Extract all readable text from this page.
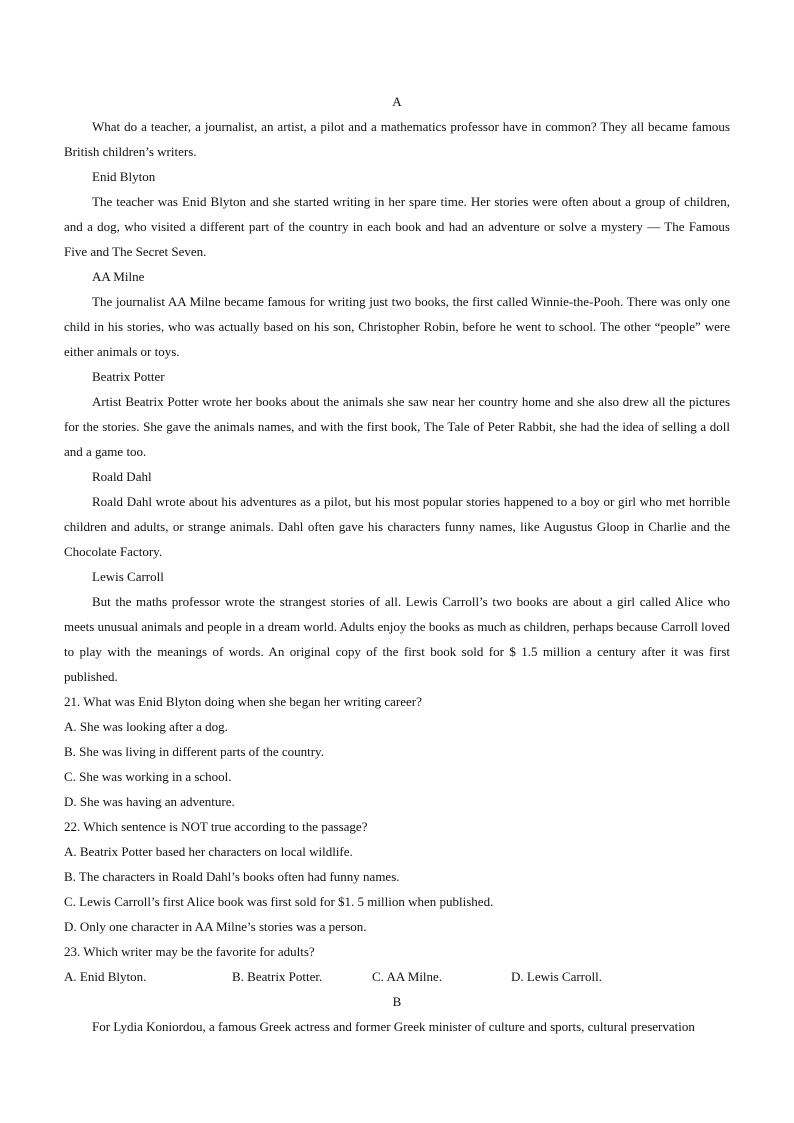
A

What do a teacher, a journalist, an artist, a pilot and a mathematics professor have in common? They all became famous British children’s writers.

Enid Blyton

The teacher was Enid Blyton and she started writing in her spare time. Her stories were often about a group of children, and a dog, who visited a different part of the country in each book and had an adventure or solve a mystery — The Famous Five and The Secret Seven.

AA Milne

The journalist AA Milne became famous for writing just two books, the first called Winnie-the-Pooh. There was only one child in his stories, who was actually based on his son, Christopher Robin, before he went to school. The other “people” were either animals or toys.

Beatrix Potter

Artist Beatrix Potter wrote her books about the animals she saw near her country home and she also drew all the pictures for the stories. She gave the animals names, and with the first book, The Tale of Peter Rabbit, she had the idea of selling a doll and a game too.

Roald Dahl

Roald Dahl wrote about his adventures as a pilot, but his most popular stories happened to a boy or girl who met horrible children and adults, or strange animals. Dahl often gave his characters funny names, like Augustus Gloop in Charlie and the Chocolate Factory.

Lewis Carroll

But the maths professor wrote the strangest stories of all. Lewis Carroll’s two books are about a girl called Alice who meets unusual animals and people in a dream world. Adults enjoy the books as much as children, perhaps because Carroll loved to play with the meanings of words. An original copy of the first book sold for $ 1.5 million a century after it was first published.

21. What was Enid Blyton doing when she began her writing career?

A. She was looking after a dog.

B. She was living in different parts of the country.

C. She was working in a school.

D. She was having an adventure.

22. Which sentence is NOT true according to the passage?

A. Beatrix Potter based her characters on local wildlife.

B. The characters in Roald Dahl’s books often had funny names.

C. Lewis Carroll’s first Alice book was first sold for $1. 5 million when published.

D. Only one character in AA Milne’s stories was a person.

23. Which writer may be the favorite for adults?

A. Enid Blyton.	B. Beatrix Potter.	C. AA Milne.	D. Lewis Carroll.

B

For Lydia Koniordou, a famous Greek actress and former Greek minister of culture and sports, cultural preservation
